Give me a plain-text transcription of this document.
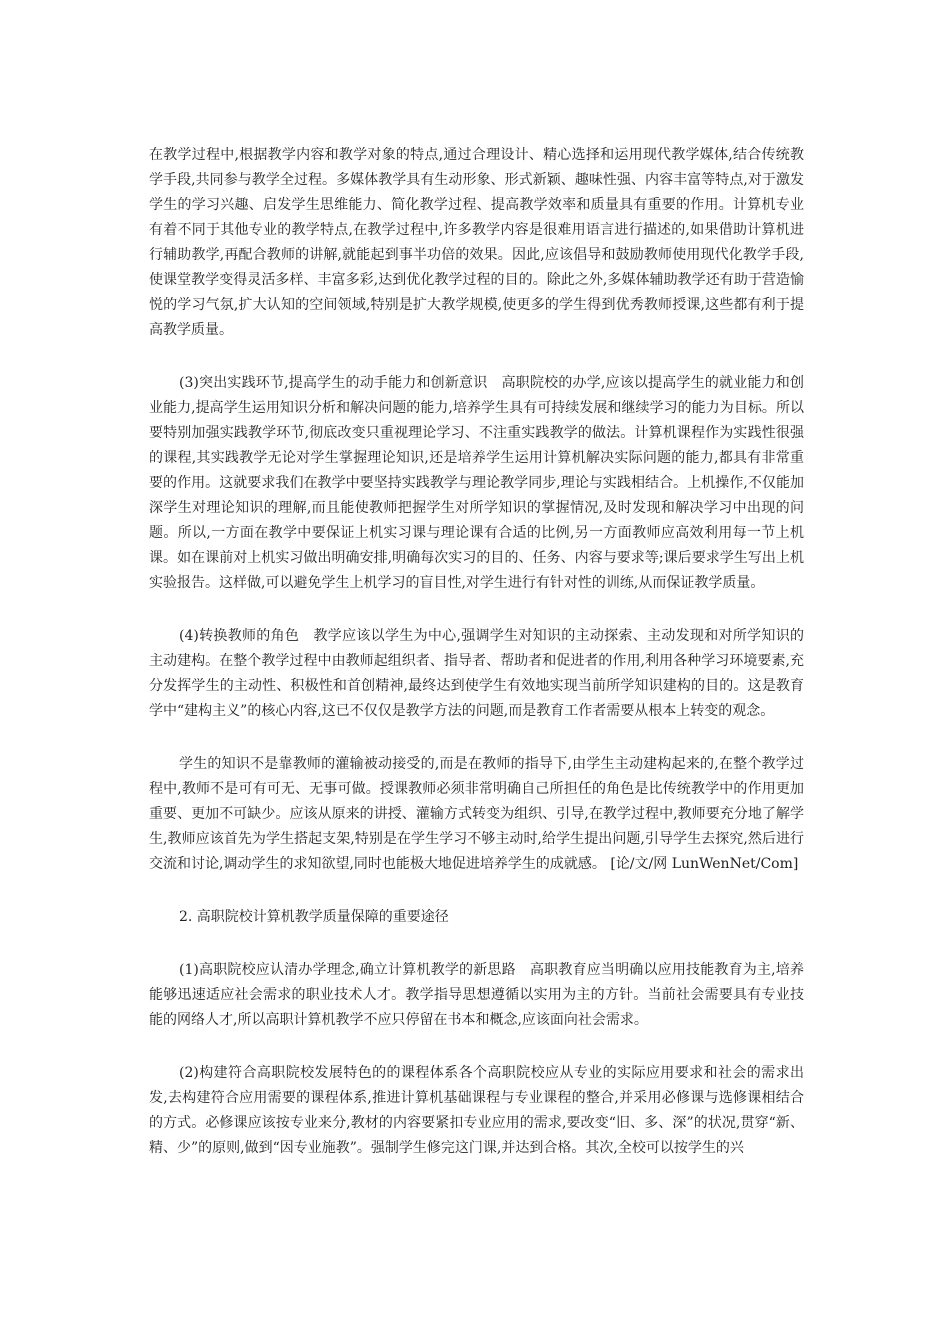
在教学过程中,根据教学内容和教学对象的特点,通过合理设计、精心选择和运用现代教学媒体,结合传统教学手段,共同参与教学全过程。多媒体教学具有生动形象、形式新颖、趣味性强、内容丰富等特点,对于激发学生的学习兴趣、启发学生思维能力、简化教学过程、提高教学效率和质量具有重要的作用。计算机专业有着不同于其他专业的教学特点,在教学过程中,许多教学内容是很难用语言进行描述的,如果借助计算机进行辅助教学,再配合教师的讲解,就能起到事半功倍的效果。因此,应该倡导和鼓励教师使用现代化教学手段,使课堂教学变得灵活多样、丰富多彩,达到优化教学过程的目的。除此之外,多媒体辅助教学还有助于营造愉悦的学习气氛,扩大认知的空间领域,特别是扩大教学规模,使更多的学生得到优秀教师授课,这些都有利于提高教学质量。

(3)突出实践环节,提高学生的动手能力和创新意识　高职院校的办学,应该以提高学生的就业能力和创业能力,提高学生运用知识分析和解决问题的能力,培养学生具有可持续发展和继续学习的能力为目标。所以要特别加强实践教学环节,彻底改变只重视理论学习、不注重实践教学的做法。计算机课程作为实践性很强的课程,其实践教学无论对学生掌握理论知识,还是培养学生运用计算机解决实际问题的能力,都具有非常重要的作用。这就要求我们在教学中要坚持实践教学与理论教学同步,理论与实践相结合。上机操作,不仅能加深学生对理论知识的理解,而且能使教师把握学生对所学知识的掌握情况,及时发现和解决学习中出现的问题。所以,一方面在教学中要保证上机实习课与理论课有合适的比例,另一方面教师应高效利用每一节上机课。如在课前对上机实习做出明确安排,明确每次实习的目的、任务、内容与要求等;课后要求学生写出上机实验报告。这样做,可以避免学生上机学习的盲目性,对学生进行有针对性的训练,从而保证教学质量。

(4)转换教师的角色　教学应该以学生为中心,强调学生对知识的主动探索、主动发现和对所学知识的主动建构。在整个教学过程中由教师起组织者、指导者、帮助者和促进者的作用,利用各种学习环境要素,充分发挥学生的主动性、积极性和首创精神,最终达到使学生有效地实现当前所学知识建构的目的。这是教育学中“建构主义”的核心内容,这已不仅仅是教学方法的问题,而是教育工作者需要从根本上转变的观念。

学生的知识不是靠教师的灌输被动接受的,而是在教师的指导下,由学生主动建构起来的,在整个教学过程中,教师不是可有可无、无事可做。授课教师必须非常明确自己所担任的角色是比传统教学中的作用更加重要、更加不可缺少。应该从原来的讲授、灌输方式转变为组织、引导,在教学过程中,教师要充分地了解学生,教师应该首先为学生搭起支架,特别是在学生学习不够主动时,给学生提出问题,引导学生去探究,然后进行交流和讨论,调动学生的求知欲望,同时也能极大地促进培养学生的成就感。 [论/文/网 LunWenNet/Com]

2. 高职院校计算机教学质量保障的重要途径

(1)高职院校应认清办学理念,确立计算机教学的新思路　高职教育应当明确以应用技能教育为主,培养能够迅速适应社会需求的职业技术人才。教学指导思想遵循以实用为主的方针。当前社会需要具有专业技能的网络人才,所以高职计算机教学不应只停留在书本和概念,应该面向社会需求。

(2)构建符合高职院校发展特色的的课程体系各个高职院校应从专业的实际应用要求和社会的需求出发,去构建符合应用需要的课程体系,推进计算机基础课程与专业课程的整合,并采用必修课与选修课相结合的方式。必修课应该按专业来分,教材的内容要紧扣专业应用的需求,要改变“旧、多、深”的状况,贯穿“新、精、少”的原则,做到“因专业施教”。强制学生修完这门课,并达到合格。其次,全校可以按学生的兴
